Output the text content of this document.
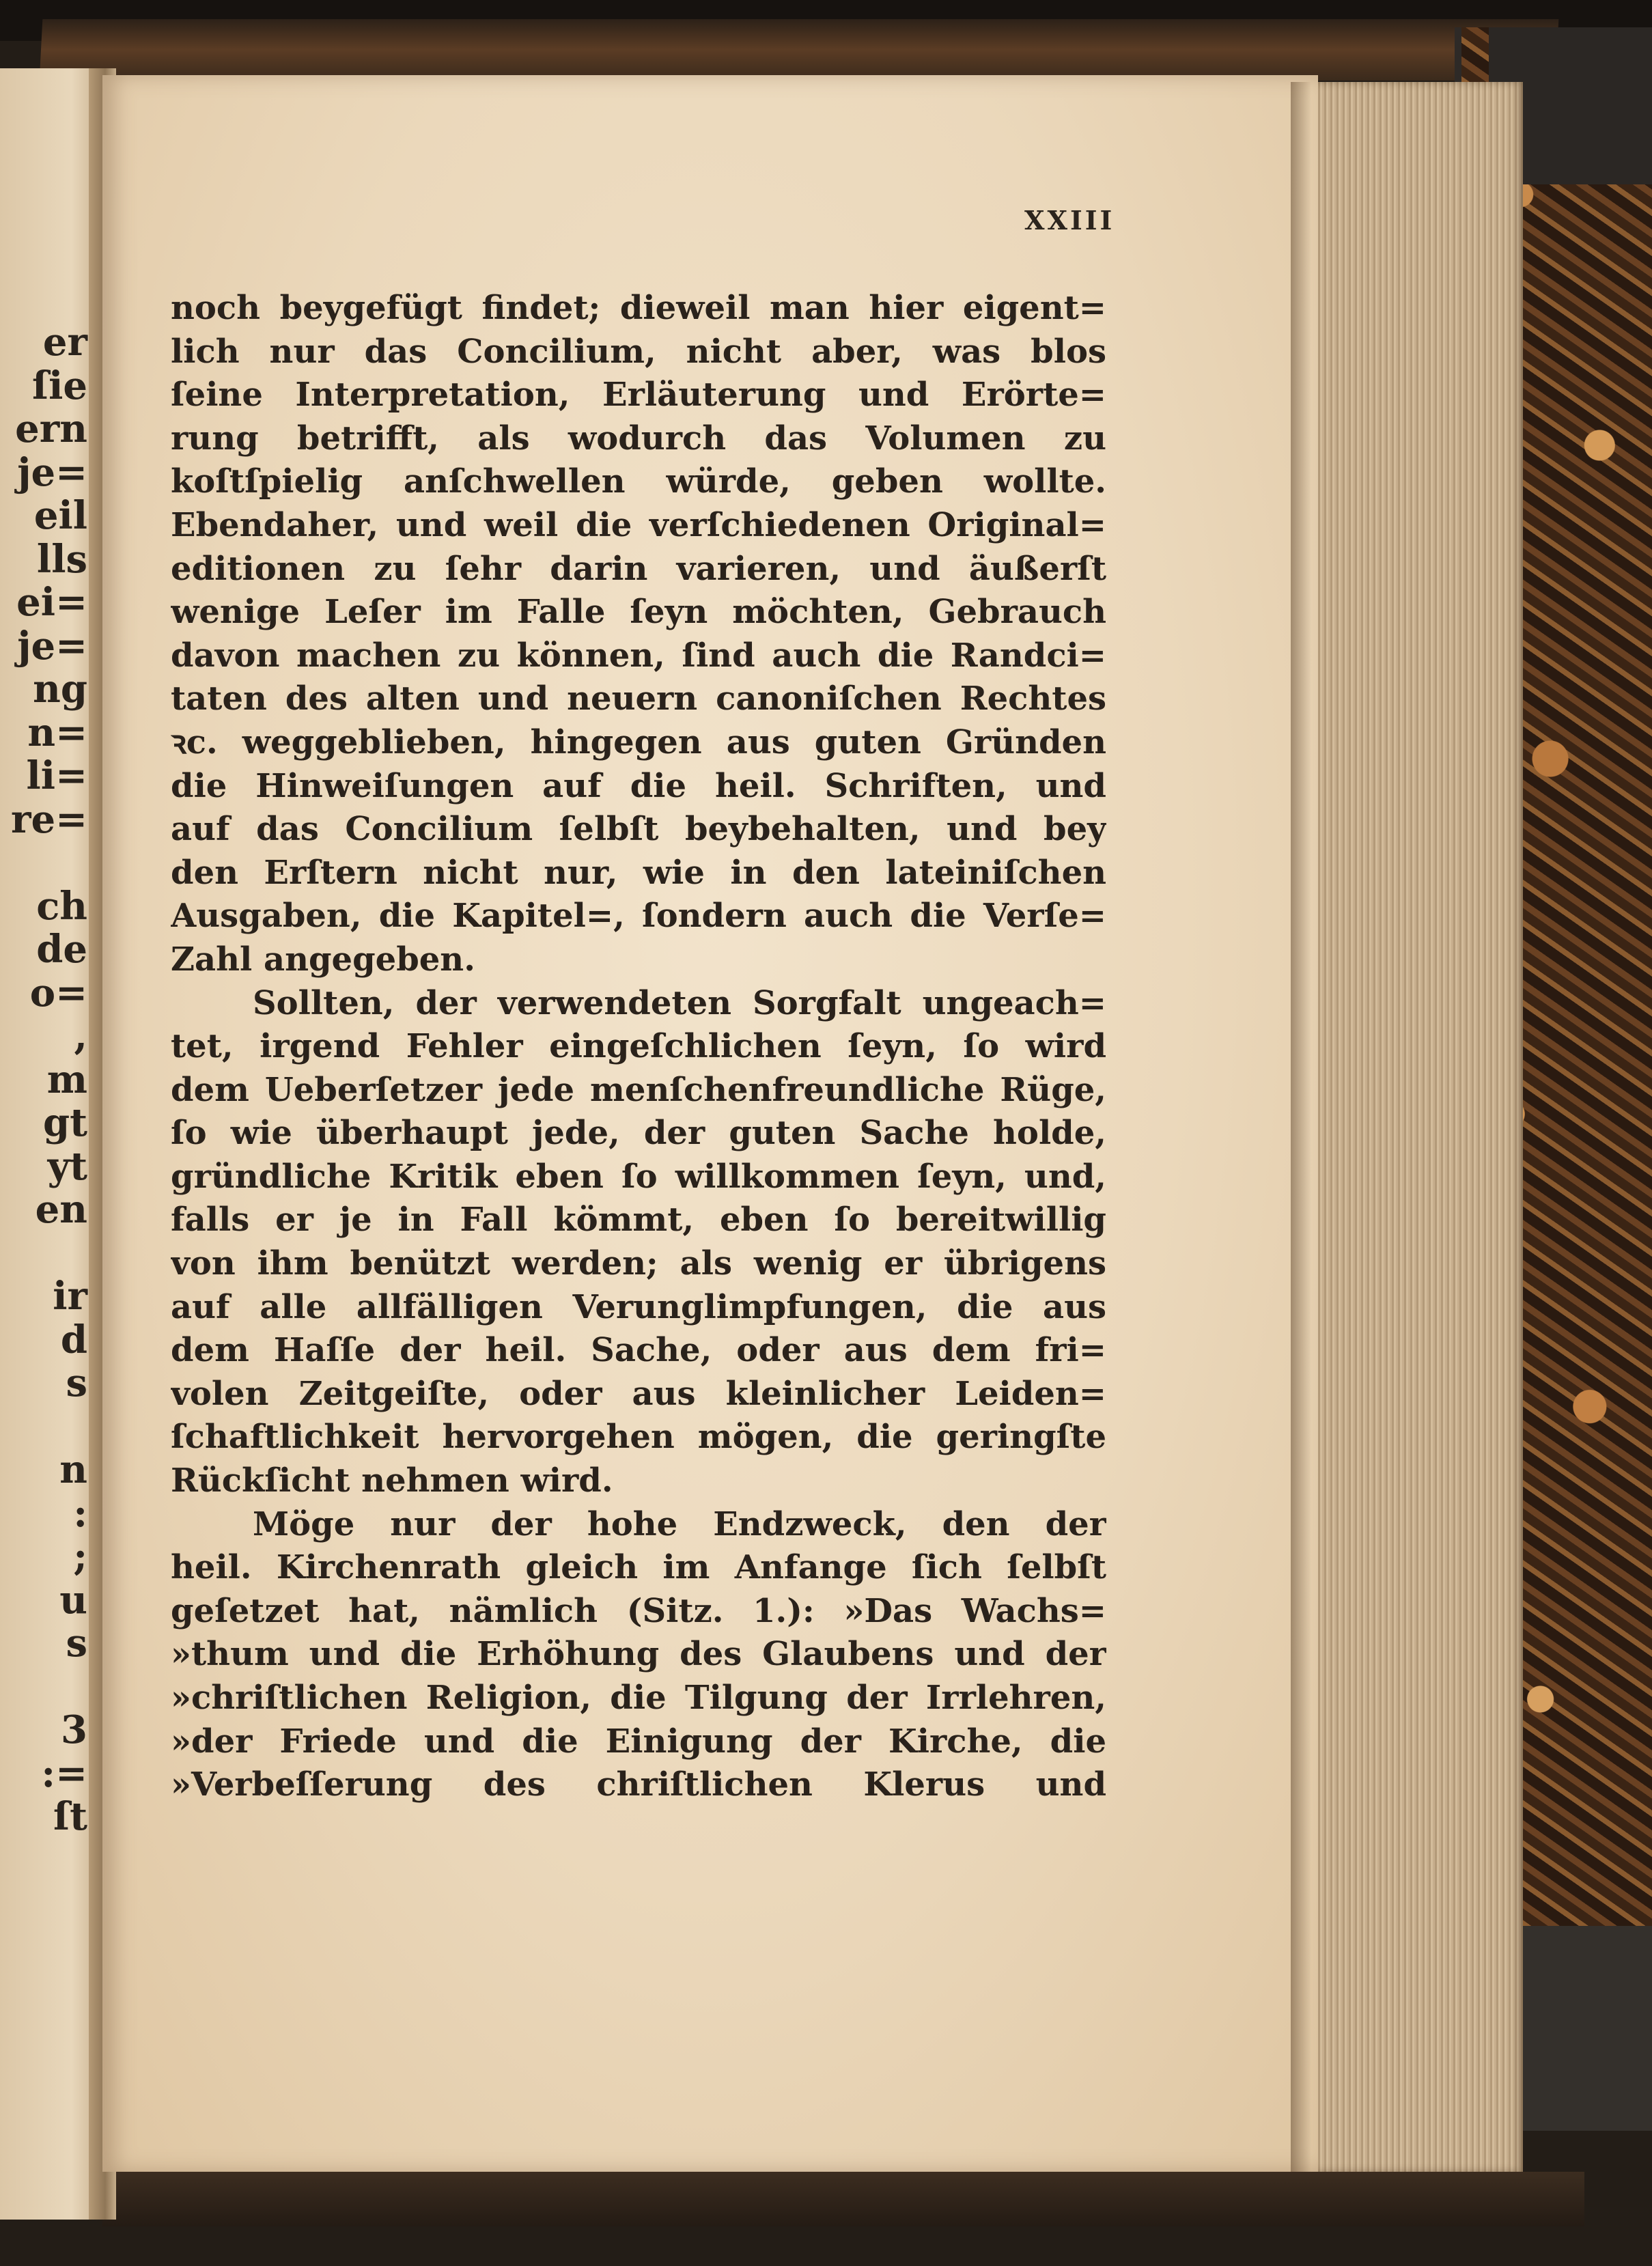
er
ſie
ern
je=
eil
lls
ei=
je=
ng
n=
li=
re=
ch
de
o=
,
m
gt
yt
en
ir
d
s
n
:
;
u
s
3
:=
ſt
XXIII
noch beygefügt findet; dieweil man hier eigent=
lich nur das Concilium, nicht aber, was blos
ſeine Interpretation, Erläuterung und Erörte=
rung betrifft, als wodurch das Volumen zu
koſtſpielig anſchwellen würde, geben wollte.
Ebendaher, und weil die verſchiedenen Original=
editionen zu ſehr darin varieren, und äußerſt
wenige Leſer im Falle ſeyn möchten, Gebrauch
davon machen zu können, ſind auch die Randci=
taten des alten und neuern canoniſchen Rechtes
ꝛc. weggeblieben, hingegen aus guten Gründen
die Hinweiſungen auf die heil. Schriften, und
auf das Concilium ſelbſt beybehalten, und bey
den Erſtern nicht nur, wie in den lateiniſchen
Ausgaben, die Kapitel=, ſondern auch die Verſe=
Zahl angegeben.
Sollten, der verwendeten Sorgfalt ungeach=
tet, irgend Fehler eingeſchlichen ſeyn, ſo wird
dem Ueberſetzer jede menſchenfreundliche Rüge,
ſo wie überhaupt jede, der guten Sache holde,
gründliche Kritik eben ſo willkommen ſeyn, und,
falls er je in Fall kömmt, eben ſo bereitwillig
von ihm benützt werden; als wenig er übrigens
auf alle allfälligen Verunglimpfungen, die aus
dem Haſſe der heil. Sache, oder aus dem fri=
volen Zeitgeiſte, oder aus kleinlicher Leiden=
ſchaftlichkeit hervorgehen mögen, die geringſte
Rückſicht nehmen wird.
Möge nur der hohe Endzweck, den der
heil. Kirchenrath gleich im Anfange ſich ſelbſt
geſetzet hat, nämlich (Sitz. 1.): »Das Wachs=
»thum und die Erhöhung des Glaubens und der
»chriſtlichen Religion, die Tilgung der Irrlehren,
»der Friede und die Einigung der Kirche, die
»Verbeſſerung des chriſtlichen Klerus und
